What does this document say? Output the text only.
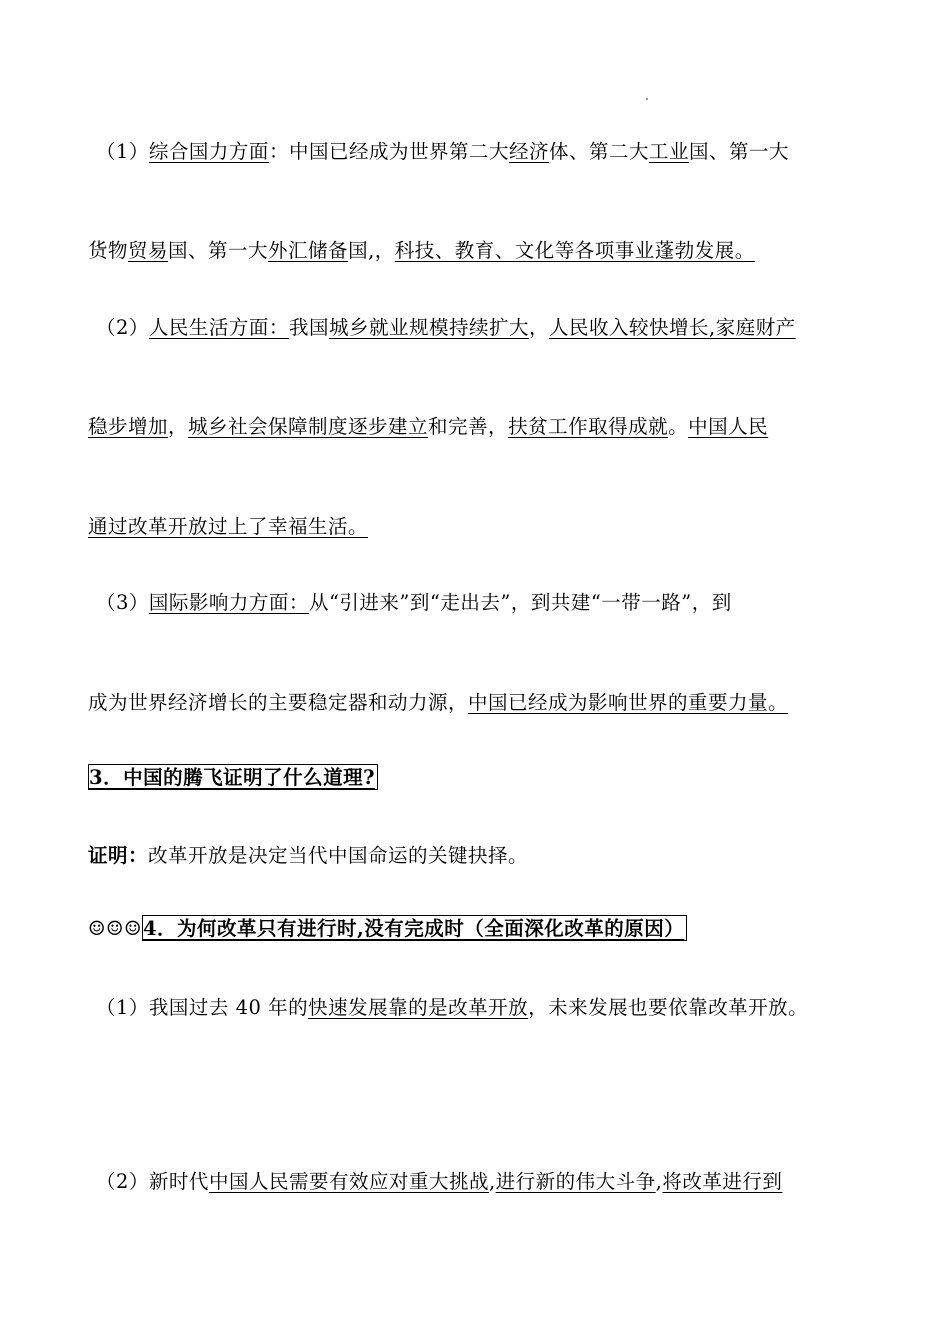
（1）综合国力方面：中国已经成为世界第二大经济体、第二大工业国、第一大
货物贸易国、第一大外汇储备国,，科技、教育、文化等各项事业蓬勃发展。
（2）人民生活方面：我国城乡就业规模持续扩大，人民收入较快增长,家庭财产
稳步增加，城乡社会保障制度逐步建立和完善，扶贫工作取得成就。中国人民
通过改革开放过上了幸福生活。
（3）国际影响力方面：从“引进来”到“走出去”，到共建“一带一路”，到
成为世界经济增长的主要稳定器和动力源，中国已经成为影响世界的重要力量。
3．中国的腾飞证明了什么道理?
证明：改革开放是决定当代中国命运的关键抉择。
☺☺☺4．为何改革只有进行时,没有完成时（全面深化改革的原因）
（1）我国过去 40 年的快速发展靠的是改革开放，未来发展也要依靠改革开放。
（2）新时代中国人民需要有效应对重大挑战,进行新的伟大斗争,将改革进行到
